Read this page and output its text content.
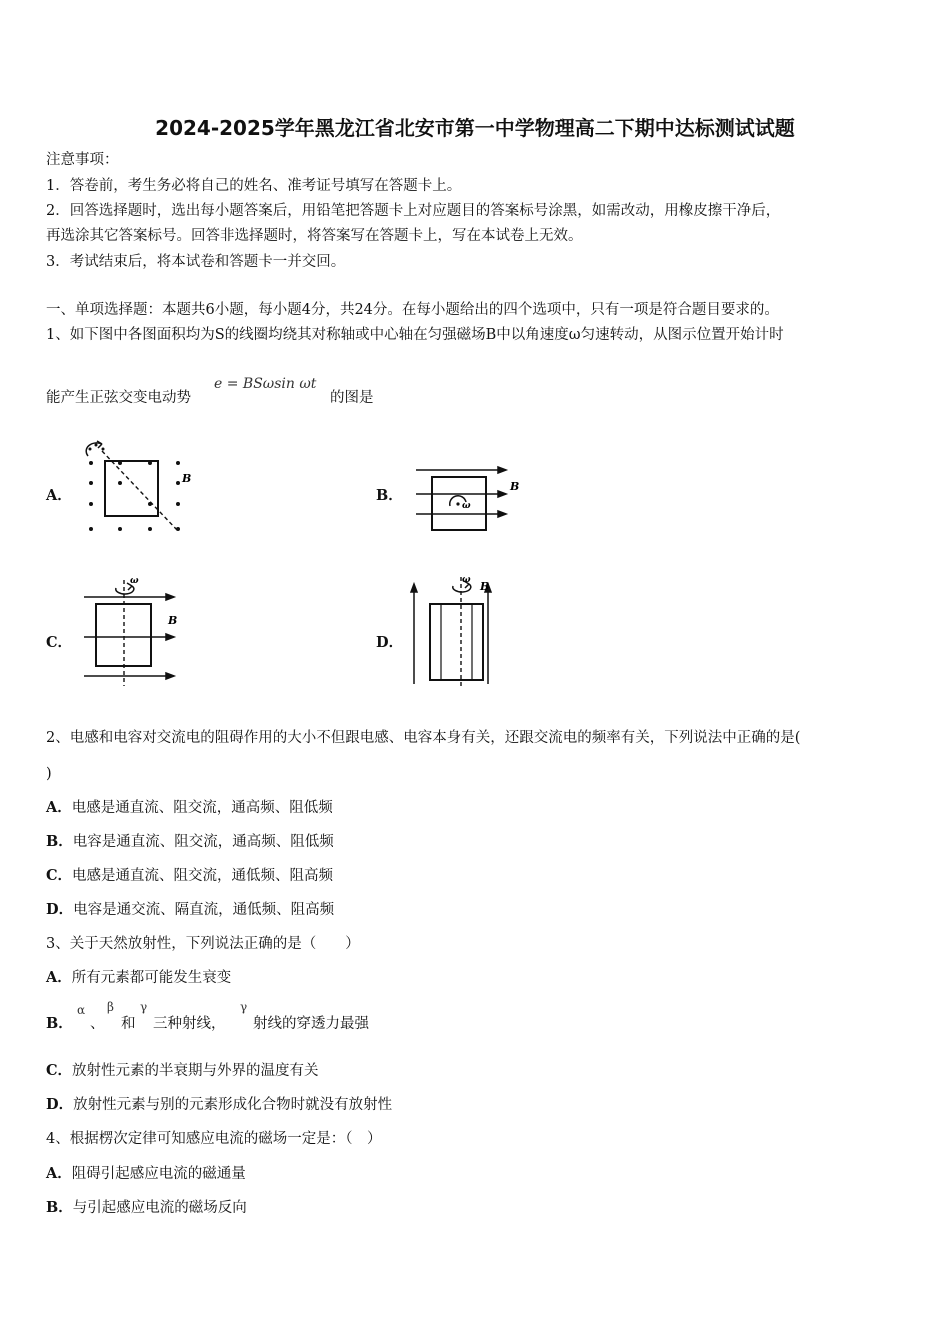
2024-2025学年黑龙江省北安市第一中学物理高二下期中达标测试试题
注意事项：
1．答卷前，考生务必将自己的姓名、准考证号填写在答题卡上。
2．回答选择题时，选出每小题答案后，用铅笔把答题卡上对应题目的答案标号涂黑，如需改动，用橡皮擦干净后，
再选涂其它答案标号。回答非选择题时，将答案写在答题卡上，写在本试卷上无效。
3．考试结束后，将本试卷和答题卡一并交回。
一、单项选择题：本题共6小题，每小题4分，共24分。在每小题给出的四个选项中，只有一项是符合题目要求的。
1、如下图中各图面积均为S的线圈均绕其对称轴或中心轴在匀强磁场B中以角速度ω匀速转动，从图示位置开始计时
能产生正弦交变电动势
e = BSωsin ωt
的图是
A．	B．
C．	D．
B
ω
B
ω
B
ω B
2、电感和电容对交流电的阻碍作用的大小不但跟电感、电容本身有关，还跟交流电的频率有关，下列说法中正确的是(
)
A．电感是通直流、阻交流，通高频、阻低频
B．电容是通直流、阻交流，通高频、阻低频
C．电感是通直流、阻交流，通低频、阻高频
D．电容是通交流、隔直流，通低频、阻高频
3、关于天然放射性，下列说法正确的是（　　）
A．所有元素都可能发生衰变
B．
α
、
β
和
γ
三种射线，
γ
射线的穿透力最强
C．放射性元素的半衰期与外界的温度有关
D．放射性元素与别的元素形成化合物时就没有放射性
4、根据楞次定律可知感应电流的磁场一定是：（　）
A．阻碍引起感应电流的磁通量
B．与引起感应电流的磁场反向
